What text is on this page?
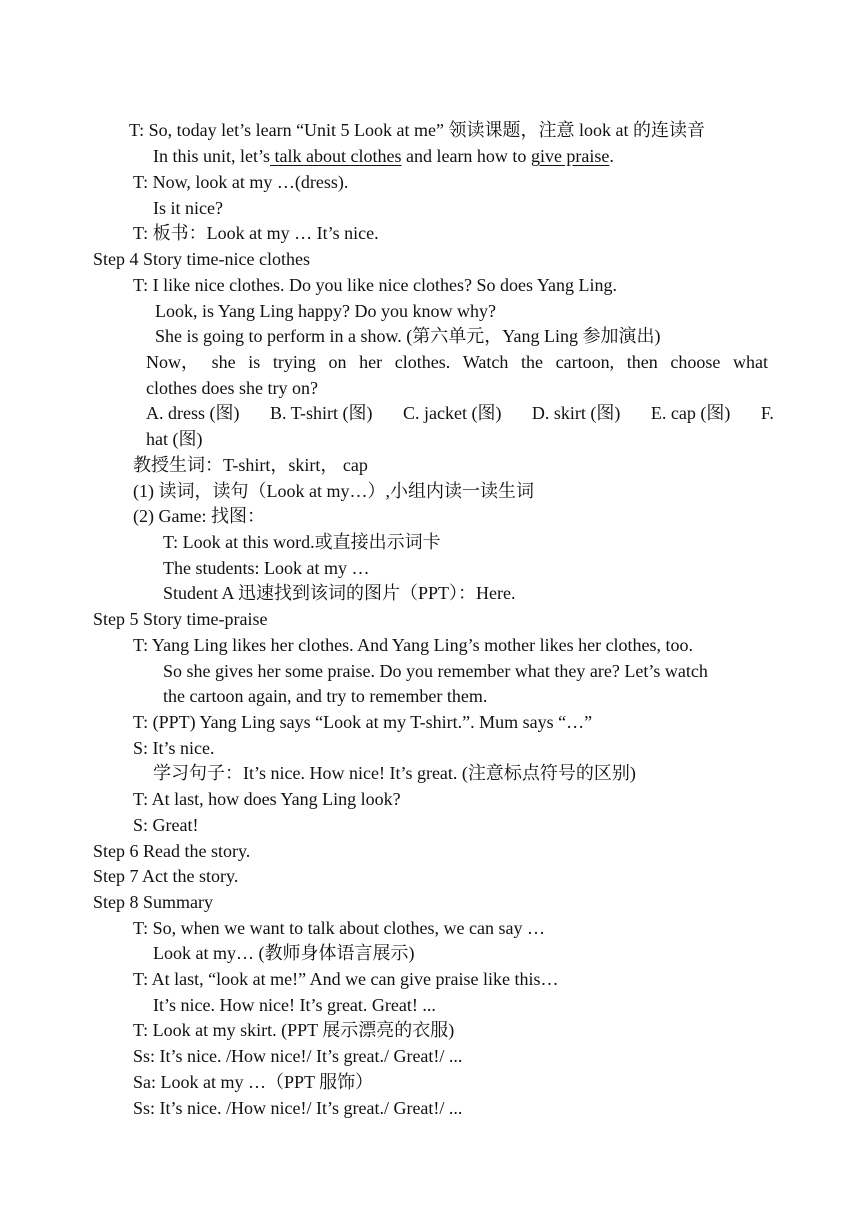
T: So, today let’s learn “Unit 5 Look at me” 领读课题，注意 look at 的连读音
In this unit, let’s talk about clothes and learn how to give praise.
T: Now, look at my …(dress).
Is it nice?
T: 板书：Look at my … It’s nice.
Step 4 Story time-nice clothes
T: I like nice clothes. Do you like nice clothes? So does Yang Ling.
Look, is Yang Ling happy? Do you know why?
She is going to perform in a show. (第六单元，Yang Ling 参加演出)
Now， she is trying on her clothes. Watch the cartoon, then choose what
clothes does she try on?
A. dress (图) B. T-shirt (图) C. jacket (图) D. skirt (图) E. cap (图) F.
hat (图)
教授生词：T-shirt，skirt， cap
(1) 读词，读句（Look at my…）,小组内读一读生词
(2) Game: 找图：
T: Look at this word.或直接出示词卡
The students: Look at my …
Student A 迅速找到该词的图片（PPT）：Here.
Step 5 Story time-praise
T: Yang Ling likes her clothes. And Yang Ling’s mother likes her clothes, too.
So she gives her some praise. Do you remember what they are? Let’s watch
the cartoon again, and try to remember them.
T: (PPT) Yang Ling says “Look at my T-shirt.”. Mum says “…”
S: It’s nice.
学习句子：It’s nice. How nice! It’s great. (注意标点符号的区别)
T: At last, how does Yang Ling look?
S: Great!
Step 6 Read the story.
Step 7 Act the story.
Step 8 Summary
T: So, when we want to talk about clothes, we can say …
Look at my… (教师身体语言展示)
T: At last, “look at me!” And we can give praise like this…
It’s nice. How nice! It’s great. Great! ...
T: Look at my skirt. (PPT 展示漂亮的衣服)
Ss: It’s nice. /How nice!/ It’s great./ Great!/ ...
Sa: Look at my …（PPT 服饰）
Ss: It’s nice. /How nice!/ It’s great./ Great!/ ...
